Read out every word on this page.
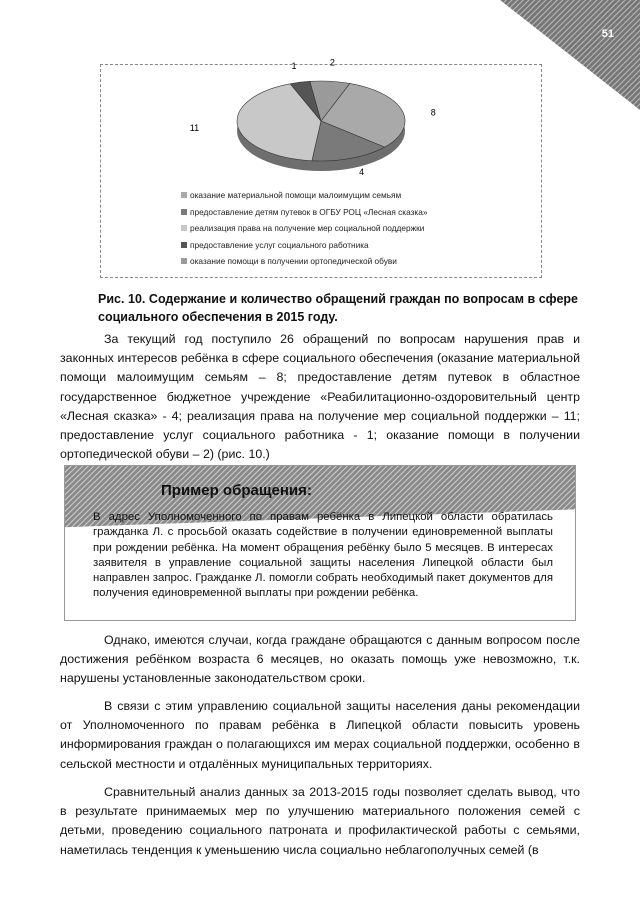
51
8
4
11
1	2
оказание материальной помощи малоимущим семьям
предоставление детям путевок в ОГБУ РОЦ «Лесная сказка»
реализация права на получение мер социальной поддержки
предоставление услуг социального работника
оказание помощи в получении ортопедической обуви
Рис. 10. Содержание и количество обращений граждан по вопросам в сфере социального обеспечения в 2015 году.

За текущий год поступило 26 обращений по вопросам нарушения прав и законных интересов ребёнка в сфере социального обеспечения (оказание материальной помощи малоимущим семьям – 8; предоставление детям путевок в областное государственное бюджетное учреждение «Реабилитационно-оздоровительный центр «Лесная сказка» - 4; реализация права на получение мер социальной поддержки – 11; предоставление услуг социального работника - 1; оказание помощи в получении ортопедической обуви – 2) (рис. 10.)

Пример обращения:

В адрес Уполномоченного по правам ребёнка в Липецкой области обратилась гражданка Л. с просьбой оказать содействие в получении единовременной выплаты при рождении ребёнка. На момент обращения ребёнку было 5 месяцев. В интересах заявителя в управление социальной защиты населения Липецкой области был направлен запрос. Гражданке Л. помогли собрать необходимый пакет документов для получения единовременной выплаты при рождении ребёнка.

Однако, имеются случаи, когда граждане обращаются с данным вопросом после достижения ребёнком возраста 6 месяцев, но оказать помощь уже невозможно, т.к. нарушены установленные законодательством сроки.

В связи с этим управлению социальной защиты населения даны рекомендации от Уполномоченного по правам ребёнка в Липецкой области повысить уровень информирования граждан о полагающихся им мерах социальной поддержки, особенно в сельской местности и отдалённых муниципальных территориях.

Сравнительный анализ данных за 2013-2015 годы позволяет сделать вывод, что в результате принимаемых мер по улучшению материального положения семей с детьми, проведению социального патроната и профилактической работы с семьями, наметилась тенденция к уменьшению числа социально неблагополучных семей (в
